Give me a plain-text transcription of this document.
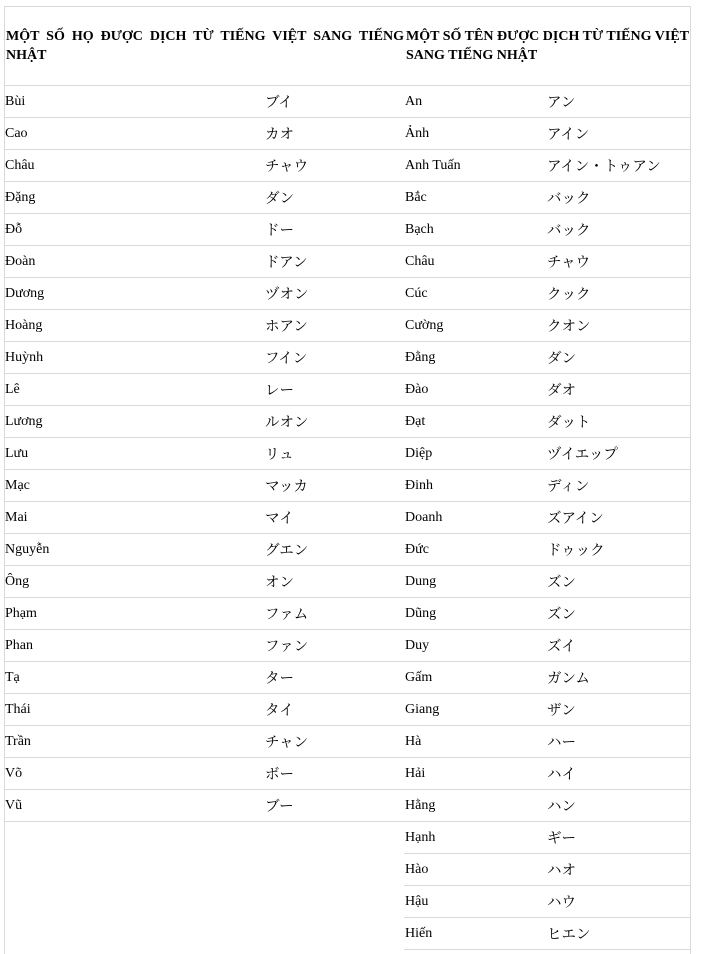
MỘT SỐ HỌ ĐƯỢC DỊCH TỪ TIẾNG VIỆT SANG TIẾNG NHẬT		MỘT SỐ TÊN ĐƯỢC DỊCH TỪ TIẾNG VIỆT SANG TIẾNG NHẬT	
Bùi	ブイ	An	アン
Cao	カオ	Ảnh	アイン
Châu	チャウ	Anh Tuấn	アイン・トゥアン
Đặng	ダン	Bắc	バック
Đỗ	ドー	Bạch	バック
Đoàn	ドアン	Châu	チャウ
Dương	ヅオン	Cúc	クック
Hoàng	ホアン	Cường	クオン
Huỳnh	フイン	Đằng	ダン
Lê	レー	Đào	ダオ
Lương	ルオン	Đạt	ダット
Lưu	リュ	Diệp	ヅイエップ
Mạc	マッカ	Đinh	ディン
Mai	マイ	Doanh	ズアイン
Nguyễn	グエン	Đức	ドゥック
Ông	オン	Dung	ズン
Phạm	ファム	Dũng	ズン
Phan	ファン	Duy	ズイ
Tạ	ター	Gấm	ガンム
Thái	タイ	Giang	ザン
Trần	チャン	Hà	ハー
Võ	ボー	Hải	ハイ
Vũ	ブー	Hằng	ハン
		Hạnh	ギー
		Hào	ハオ
		Hậu	ハウ
		Hiến	ヒエン
